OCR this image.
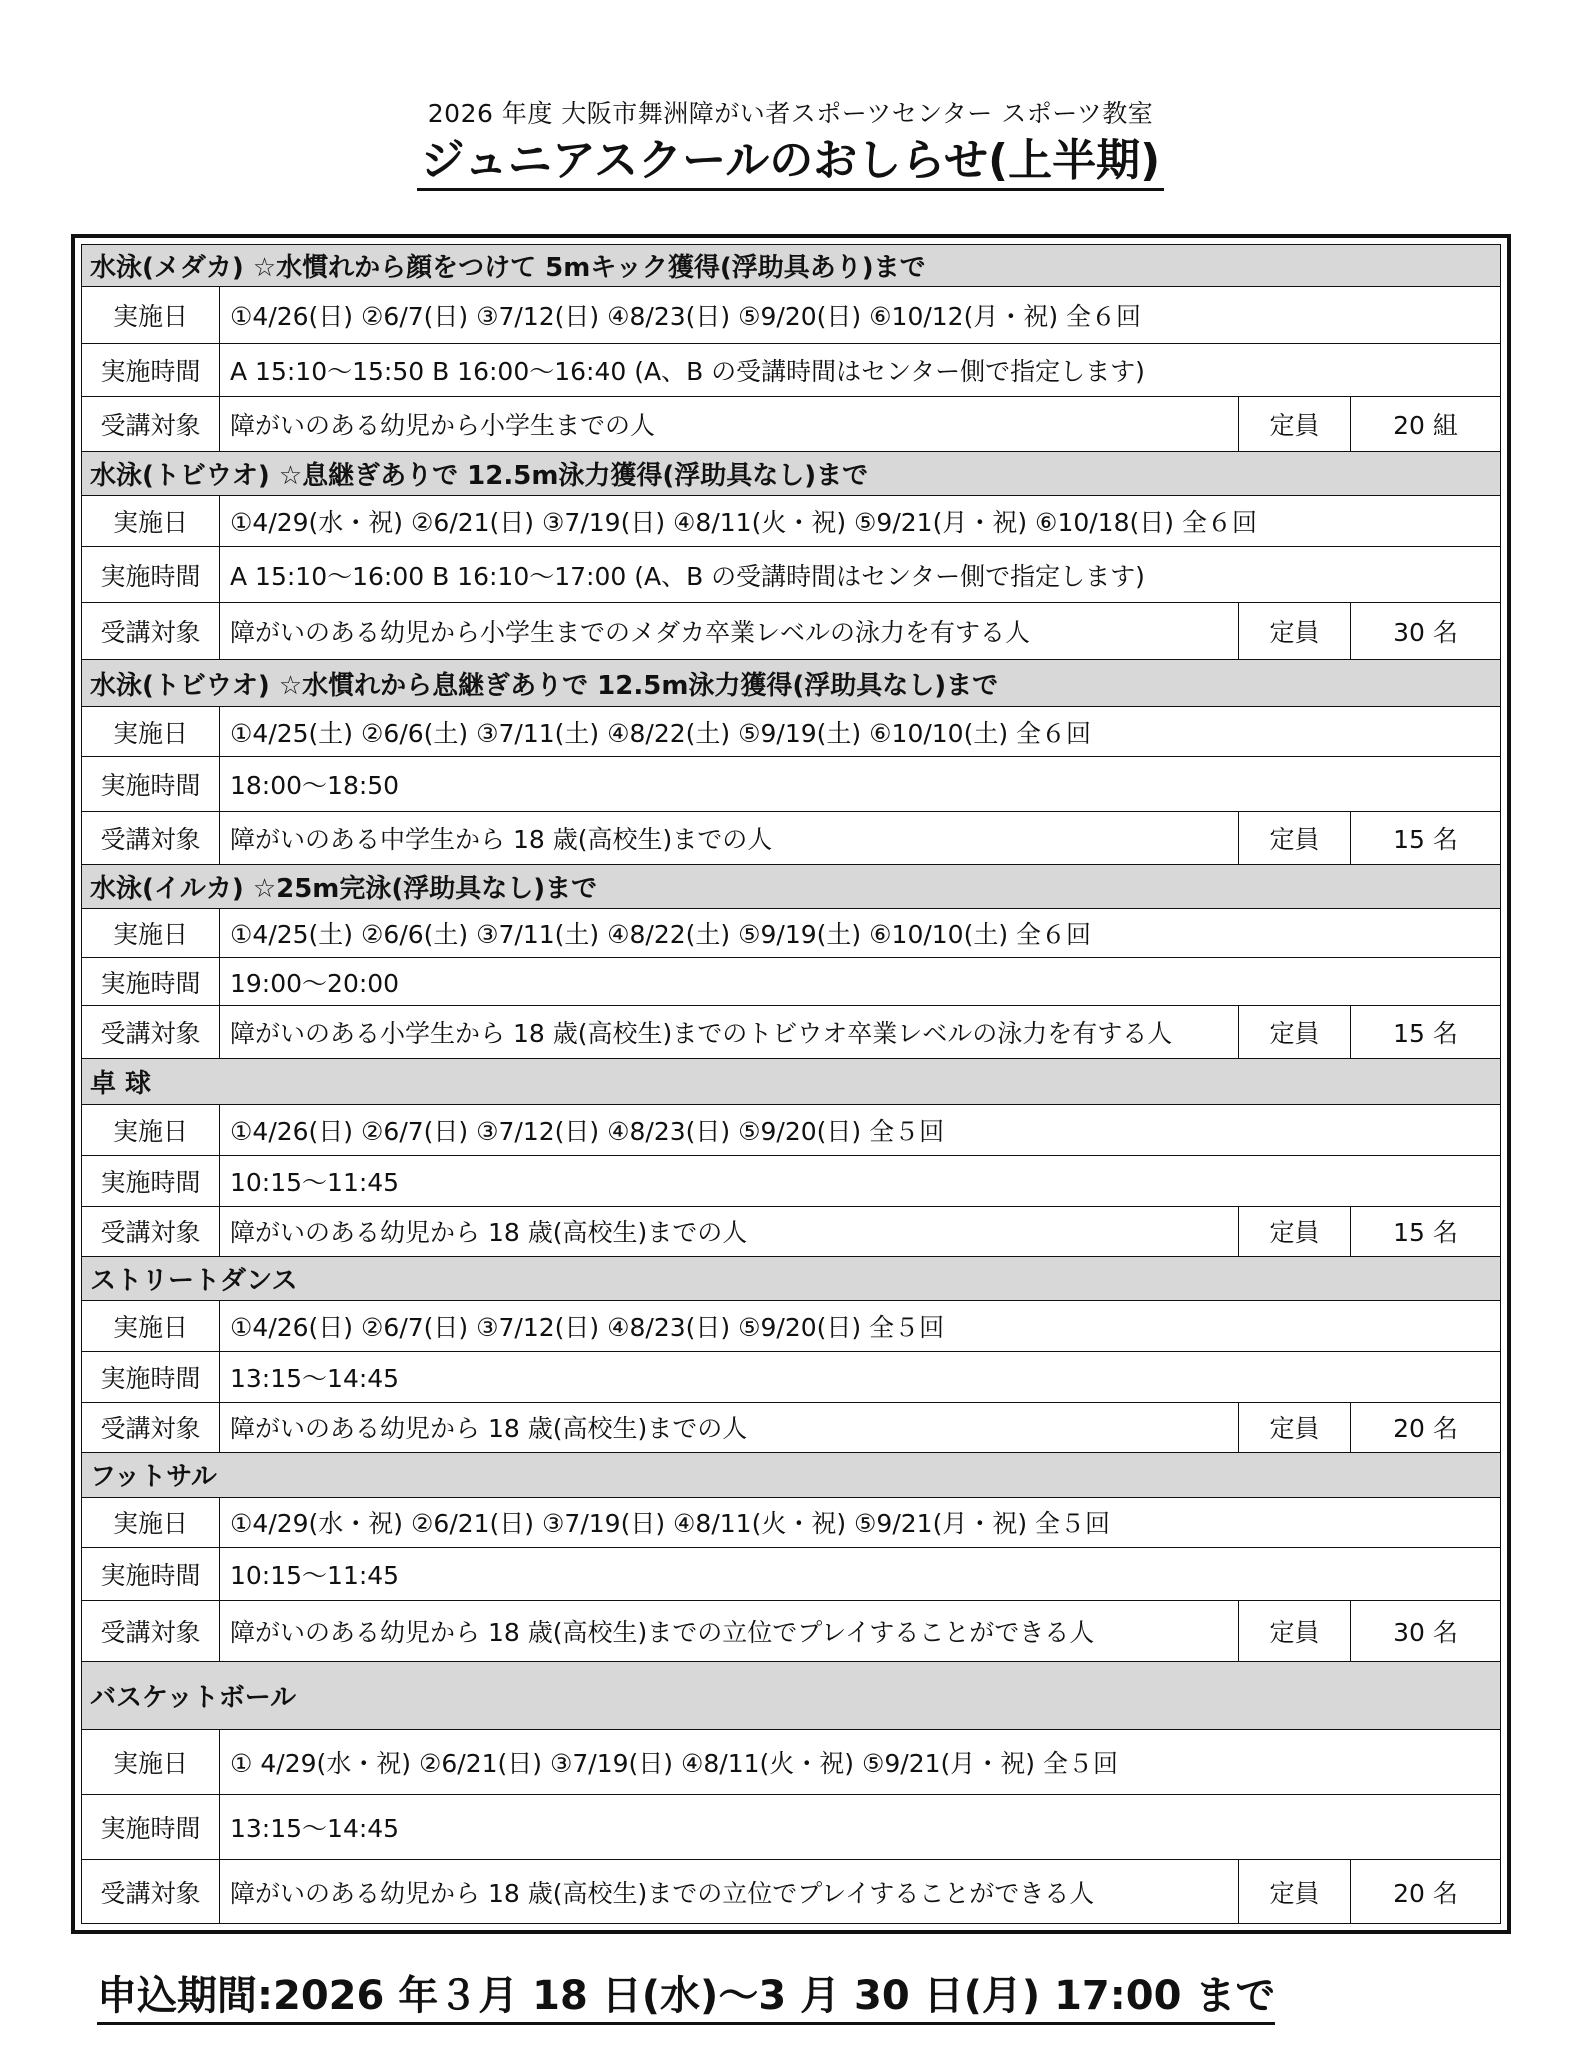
2026 年度 大阪市舞洲障がい者スポーツセンター スポーツ教室
ジュニアスクールのおしらせ(上半期)
水泳(メダカ) ☆水慣れから顔をつけて 5mキック獲得(浮助具あり)まで			
実施日	①4/26(日) ②6/7(日) ③7/12(日) ④8/23(日) ⑤9/20(日) ⑥10/12(月・祝) 全６回		
実施時間	A 15:10～15:50 B 16:00～16:40 (A、B の受講時間はセンター側で指定します)		
受講対象	障がいのある幼児から小学生までの人	定員	20 組
水泳(トビウオ) ☆息継ぎありで 12.5m泳力獲得(浮助具なし)まで			
実施日	①4/29(水・祝) ②6/21(日) ③7/19(日) ④8/11(火・祝) ⑤9/21(月・祝) ⑥10/18(日) 全６回		
実施時間	A 15:10～16:00 B 16:10～17:00 (A、B の受講時間はセンター側で指定します)		
受講対象	障がいのある幼児から小学生までのメダカ卒業レベルの泳力を有する人	定員	30 名
水泳(トビウオ) ☆水慣れから息継ぎありで 12.5m泳力獲得(浮助具なし)まで			
実施日	①4/25(土) ②6/6(土) ③7/11(土) ④8/22(土) ⑤9/19(土) ⑥10/10(土) 全６回		
実施時間	18:00～18:50		
受講対象	障がいのある中学生から 18 歳(高校生)までの人	定員	15 名
水泳(イルカ) ☆25m完泳(浮助具なし)まで			
実施日	①4/25(土) ②6/6(土) ③7/11(土) ④8/22(土) ⑤9/19(土) ⑥10/10(土) 全６回		
実施時間	19:00～20:00		
受講対象	障がいのある小学生から 18 歳(高校生)までのトビウオ卒業レベルの泳力を有する人	定員	15 名
卓 球			
実施日	①4/26(日) ②6/7(日) ③7/12(日) ④8/23(日) ⑤9/20(日) 全５回		
実施時間	10:15～11:45		
受講対象	障がいのある幼児から 18 歳(高校生)までの人	定員	15 名
ストリートダンス			
実施日	①4/26(日) ②6/7(日) ③7/12(日) ④8/23(日) ⑤9/20(日) 全５回		
実施時間	13:15～14:45		
受講対象	障がいのある幼児から 18 歳(高校生)までの人	定員	20 名
フットサル			
実施日	①4/29(水・祝) ②6/21(日) ③7/19(日) ④8/11(火・祝) ⑤9/21(月・祝) 全５回		
実施時間	10:15～11:45		
受講対象	障がいのある幼児から 18 歳(高校生)までの立位でプレイすることができる人	定員	30 名
バスケットボール			
実施日	① 4/29(水・祝) ②6/21(日) ③7/19(日) ④8/11(火・祝) ⑤9/21(月・祝) 全５回		
実施時間	13:15～14:45		
受講対象	障がいのある幼児から 18 歳(高校生)までの立位でプレイすることができる人	定員	20 名
申込期間:2026 年３月 18 日(水)～3 月 30 日(月) 17:00 まで
